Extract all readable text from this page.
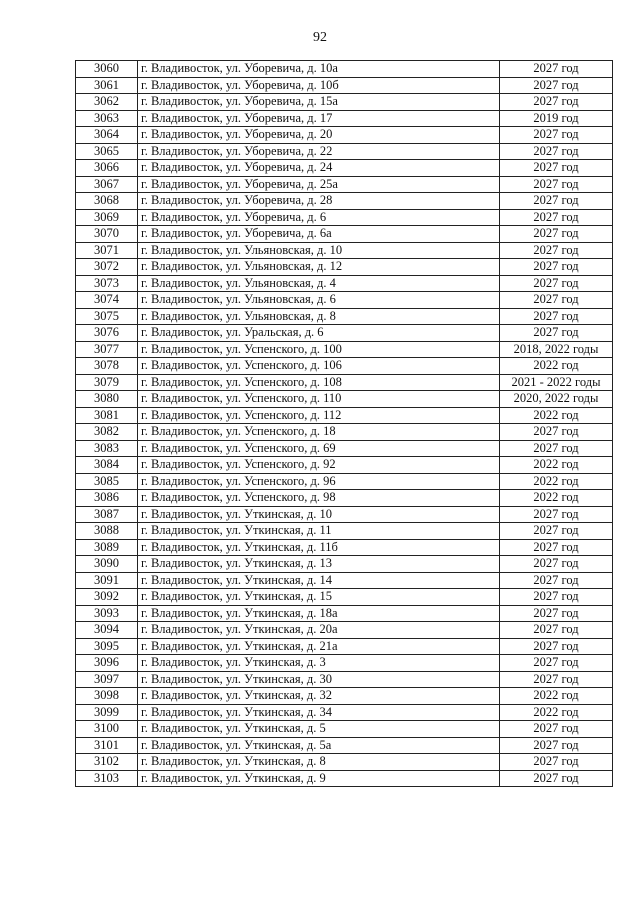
92
3060	г. Владивосток, ул. Уборевича, д. 10а	2027 год
3061	г. Владивосток, ул. Уборевича, д. 10б	2027 год
3062	г. Владивосток, ул. Уборевича, д. 15а	2027 год
3063	г. Владивосток, ул. Уборевича, д. 17	2019 год
3064	г. Владивосток, ул. Уборевича, д. 20	2027 год
3065	г. Владивосток, ул. Уборевича, д. 22	2027 год
3066	г. Владивосток, ул. Уборевича, д. 24	2027 год
3067	г. Владивосток, ул. Уборевича, д. 25а	2027 год
3068	г. Владивосток, ул. Уборевича, д. 28	2027 год
3069	г. Владивосток, ул. Уборевича, д. 6	2027 год
3070	г. Владивосток, ул. Уборевича, д. 6а	2027 год
3071	г. Владивосток, ул. Ульяновская, д. 10	2027 год
3072	г. Владивосток, ул. Ульяновская, д. 12	2027 год
3073	г. Владивосток, ул. Ульяновская, д. 4	2027 год
3074	г. Владивосток, ул. Ульяновская, д. 6	2027 год
3075	г. Владивосток, ул. Ульяновская, д. 8	2027 год
3076	г. Владивосток, ул. Уральская, д. 6	2027 год
3077	г. Владивосток, ул. Успенского, д. 100	2018, 2022 годы
3078	г. Владивосток, ул. Успенского, д. 106	2022 год
3079	г. Владивосток, ул. Успенского, д. 108	2021 - 2022 годы
3080	г. Владивосток, ул. Успенского, д. 110	2020, 2022 годы
3081	г. Владивосток, ул. Успенского, д. 112	2022 год
3082	г. Владивосток, ул. Успенского, д. 18	2027 год
3083	г. Владивосток, ул. Успенского, д. 69	2027 год
3084	г. Владивосток, ул. Успенского, д. 92	2022 год
3085	г. Владивосток, ул. Успенского, д. 96	2022 год
3086	г. Владивосток, ул. Успенского, д. 98	2022 год
3087	г. Владивосток, ул. Уткинская, д. 10	2027 год
3088	г. Владивосток, ул. Уткинская, д. 11	2027 год
3089	г. Владивосток, ул. Уткинская, д. 11б	2027 год
3090	г. Владивосток, ул. Уткинская, д. 13	2027 год
3091	г. Владивосток, ул. Уткинская, д. 14	2027 год
3092	г. Владивосток, ул. Уткинская, д. 15	2027 год
3093	г. Владивосток, ул. Уткинская, д. 18а	2027 год
3094	г. Владивосток, ул. Уткинская, д. 20а	2027 год
3095	г. Владивосток, ул. Уткинская, д. 21а	2027 год
3096	г. Владивосток, ул. Уткинская, д. 3	2027 год
3097	г. Владивосток, ул. Уткинская, д. 30	2027 год
3098	г. Владивосток, ул. Уткинская, д. 32	2022 год
3099	г. Владивосток, ул. Уткинская, д. 34	2022 год
3100	г. Владивосток, ул. Уткинская, д. 5	2027 год
3101	г. Владивосток, ул. Уткинская, д. 5а	2027 год
3102	г. Владивосток, ул. Уткинская, д. 8	2027 год
3103	г. Владивосток, ул. Уткинская, д. 9	2027 год
